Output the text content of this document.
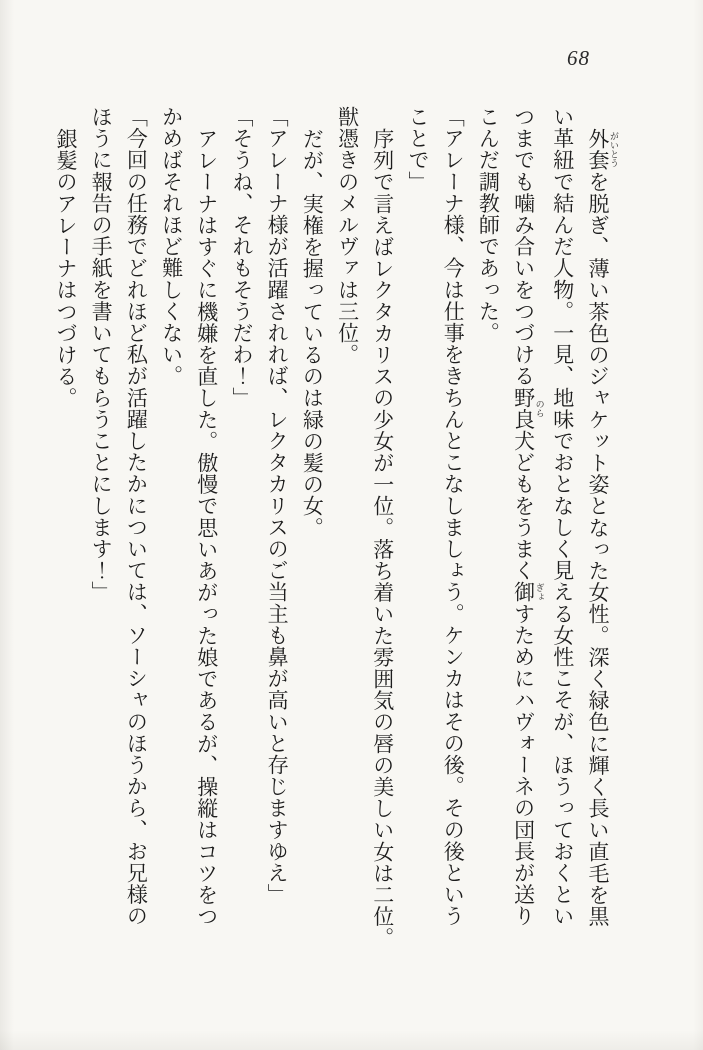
68

外套 がいとうを脱ぎ、薄い茶色のジャケット姿となった女性。深く緑色に輝く長い直毛を黒

い革紐で結んだ人物。一見、地味でおとなしく見える女性こそが、ほうっておくとい

つまでも噛み合いをつづける野良 のら犬どもをうまく御 ぎょすためにハヴォーネの団長が送り

こんだ調教師であった。

「アレーナ様、今は仕事をきちんとこなしましょう。ケンカはその後。その後という

ことで」

序列で言えばレクタカリスの少女が一位。落ち着いた雰囲気の唇の美しい女は二位。

獣憑きのメルヴァは三位。

だが、実権を握っているのは緑の髪の女。

「アレーナ様が活躍されれば、レクタカリスのご当主も鼻が高いと存じますゆえ」

「そうね、それもそうだわ！」

アレーナはすぐに機嫌を直した。傲慢で思いあがった娘であるが、操縦はコツをつ

かめばそれほど難しくない。

「今回の任務でどれほど私が活躍したかについては、ソーシャのほうから、お兄様の

ほうに報告の手紙を書いてもらうことにします！」

銀髪のアレーナはつづける。
